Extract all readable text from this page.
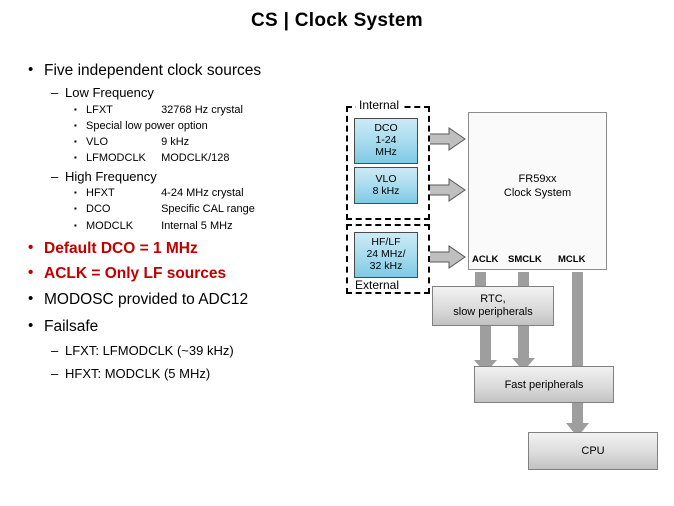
CS | Clock System
• Five independent clock sources
– Low Frequency
▪ LFXT	32768 Hz crystal
▪ Special low power option
▪ VLO	9 kHz
▪ LFMODCLK MODCLK/128
– High Frequency
▪ HFXT	4-24 MHz crystal
▪ DCO	Specific CAL range
▪ MODCLK	Internal 5 MHz
• Default DCO = 1 MHz
• ACLK = Only LF sources
• MODOSC provided to ADC12
• Failsafe
– LFXT: LFMODCLK (~39 kHz)
– HFXT: MODCLK (5 MHz)
Internal
DCO
1-24
MHz
VLO
8 kHz
External
HF/LF
24 MHz/
32 kHz
FR59xx
Clock System
ACLK SMCLK MCLK
RTC,
slow peripherals
Fast peripherals
CPU
